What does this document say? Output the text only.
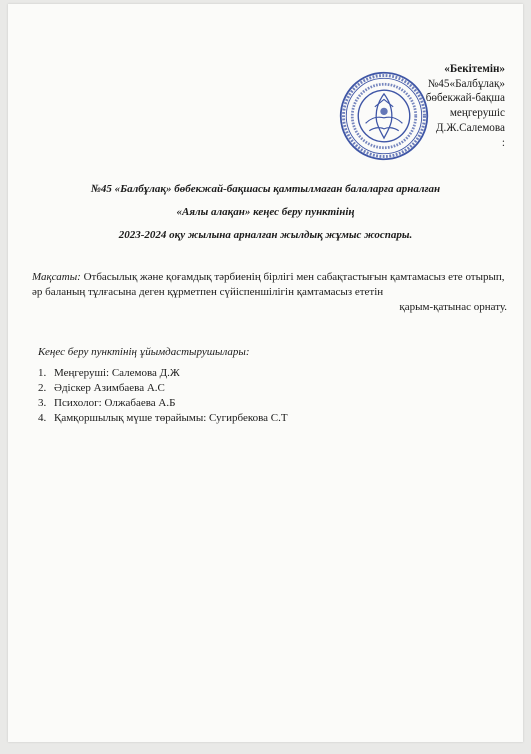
«Бекітемін»
№45«Балбұлақ»
бөбекжай-бақша
меңгерушіс
Д.Ж.Салемова
:
№45 «Балбұлақ» бөбекжай-бақшасы қамтылмаған балаларға арналған
«Аялы алақан» кеңес беру пунктінің
2023-2024 оқу жылына арналған жылдық жұмыс жоспары.
Мақсаты: Отбасылық және қоғамдық тәрбиенің бірлігі мен сабақтастығын қамтамасыз ете отырып, әр баланың тұлғасына деген құрметпен сүйіспеншілігін қамтамасыз ететін
қарым-қатынас орнату.
Кеңес беру пунктінің ұйымдастырушылары:
1. Меңгеруші: Салемова Д.Ж
2. Әдіскер Азимбаева А.С
3. Психолог: Олжабаева А.Б
4. Қамқоршылық мүше төрайымы: Сугирбекова С.Т
